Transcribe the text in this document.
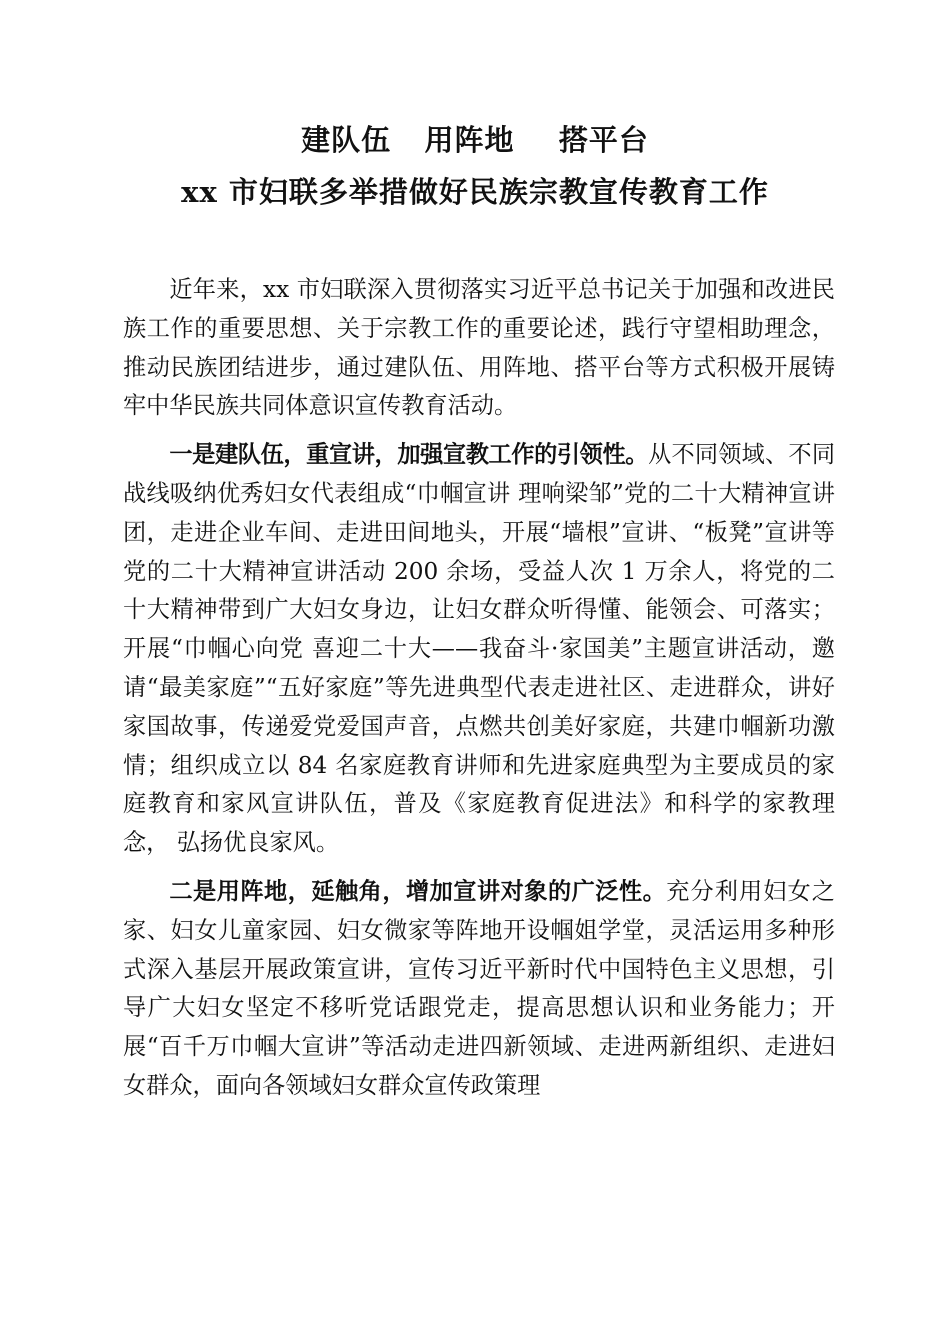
建队伍   用阵地    搭平台
xx 市妇联多举措做好民族宗教宣传教育工作

近年来，xx 市妇联深入贯彻落实习近平总书记关于加强和改进民族工作的重要思想、关于宗教工作的重要论述，践行守望相助理念，推动民族团结进步，通过建队伍、用阵地、搭平台等方式积极开展铸牢中华民族共同体意识宣传教育活动。

一是建队伍，重宣讲，加强宣教工作的引领性。从不同领域、不同战线吸纳优秀妇女代表组成“巾帼宣讲 理响梁邹”党的二十大精神宣讲团，走进企业车间、走进田间地头，开展“墙根”宣讲、“板凳”宣讲等党的二十大精神宣讲活动 200 余场，受益人次 1 万余人，将党的二十大精神带到广大妇女身边，让妇女群众听得懂、能领会、可落实；开展“巾帼心向党 喜迎二十大——我奋斗·家国美”主题宣讲活动，邀请“最美家庭”“五好家庭”等先进典型代表走进社区、走进群众，讲好家国故事，传递爱党爱国声音，点燃共创美好家庭，共建巾帼新功激情；组织成立以 84 名家庭教育讲师和先进家庭典型为主要成员的家庭教育和家风宣讲队伍，普及《家庭教育促进法》和科学的家教理念， 弘扬优良家风。

二是用阵地，延触角，增加宣讲对象的广泛性。充分利用妇女之家、妇女儿童家园、妇女微家等阵地开设帼姐学堂，灵活运用多种形式深入基层开展政策宣讲，宣传习近平新时代中国特色主义思想，引导广大妇女坚定不移听党话跟党走，提高思想认识和业务能力；开展“百千万巾帼大宣讲”等活动走进四新领域、走进两新组织、走进妇女群众，面向各领域妇女群众宣传政策理
